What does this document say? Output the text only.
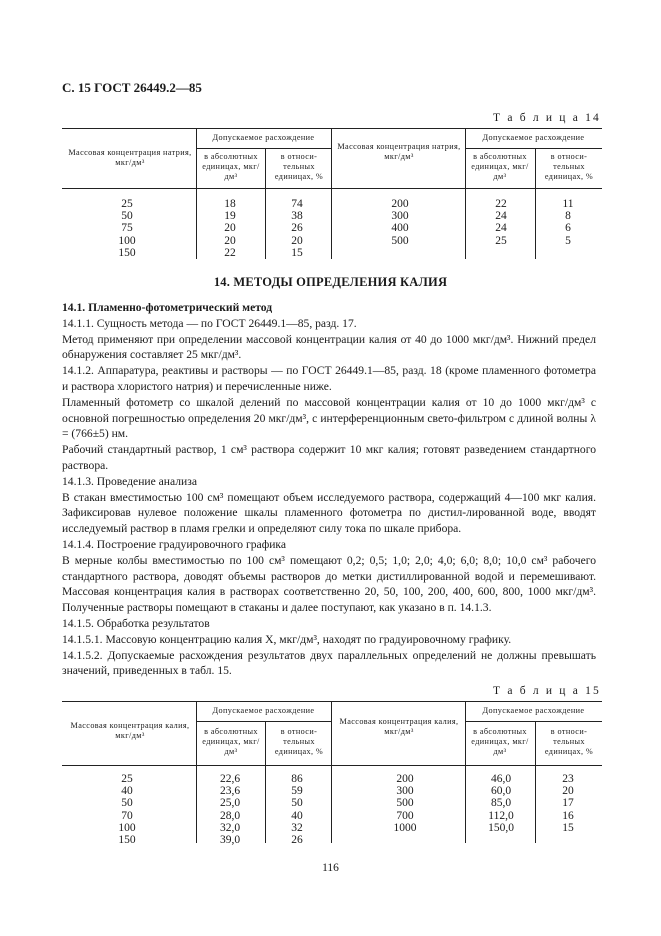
С. 15 ГОСТ 26449.2—85
Т а б л и ц а 14
Массовая концентрация натрия, мкг/дм³
Допускаемое расхождение
в абсолютных единицах, мкг/дм³
в относи-тельных единицах, %
Массовая концентрация натрия, мкг/дм³
Допускаемое расхождение
в абсолютных единицах, мкг/дм³
в относи-тельных единицах, %
25
50
75
100
150
18
19
20
20
22
74
38
26
20
15
200
300
400
500
22
24
24
25
11
8
6
5
14. МЕТОДЫ ОПРЕДЕЛЕНИЯ КАЛИЯ

14.1. Пламенно-фотометрический метод

14.1.1. Сущность метода — по ГОСТ 26449.1—85, разд. 17.

Метод применяют при определении массовой концентрации калия от 40 до 1000 мкг/дм³. Нижний предел обнаружения составляет 25 мкг/дм³.

14.1.2. Аппаратура, реактивы и растворы — по ГОСТ 26449.1—85, разд. 18 (кроме пламенного фотометра и раствора хлористого натрия) и перечисленные ниже.

Пламенный фотометр со шкалой делений по массовой концентрации калия от 10 до 1000 мкг/дм³ с основной погрешностью определения 20 мкг/дм³, с интерференционным свето-фильтром с длиной волны λ = (766±5) нм.

Рабочий стандартный раствор, 1 см³ раствора содержит 10 мкг калия; готовят разведением стандартного раствора.

14.1.3. Проведение анализа

В стакан вместимостью 100 см³ помещают объем исследуемого раствора, содержащий 4—100 мкг калия. Зафиксировав нулевое положение шкалы пламенного фотометра по дистил-лированной воде, вводят исследуемый раствор в пламя грелки и определяют силу тока по шкале прибора.

14.1.4. Построение градуировочного графика

В мерные колбы вместимостью по 100 см³ помещают 0,2; 0,5; 1,0; 2,0; 4,0; 6,0; 8,0; 10,0 см³ рабочего стандартного раствора, доводят объемы растворов до метки дистиллированной водой и перемешивают. Массовая концентрация калия в растворах соответственно 20, 50, 100, 200, 400, 600, 800, 1000 мкг/дм³. Полученные растворы помещают в стаканы и далее поступают, как указано в п. 14.1.3.

14.1.5. Обработка результатов

14.1.5.1. Массовую концентрацию калия X, мкг/дм³, находят по градуировочному графику.

14.1.5.2. Допускаемые расхождения результатов двух параллельных определений не должны превышать значений, приведенных в табл. 15.

Т а б л и ц а 15
Массовая концентрация калия, мкг/дм³
Допускаемое расхождение
в абсолютных единицах, мкг/дм³
в относи-тельных единицах, %
Массовая концентрация калия, мкг/дм³
Допускаемое расхождение
в абсолютных единицах, мкг/дм³
в относи-тельных единицах, %
25
40
50
70
100
150
22,6
23,6
25,0
28,0
32,0
39,0
86
59
50
40
32
26
200
300
500
700
1000
46,0
60,0
85,0
112,0
150,0
23
20
17
16
15
116
